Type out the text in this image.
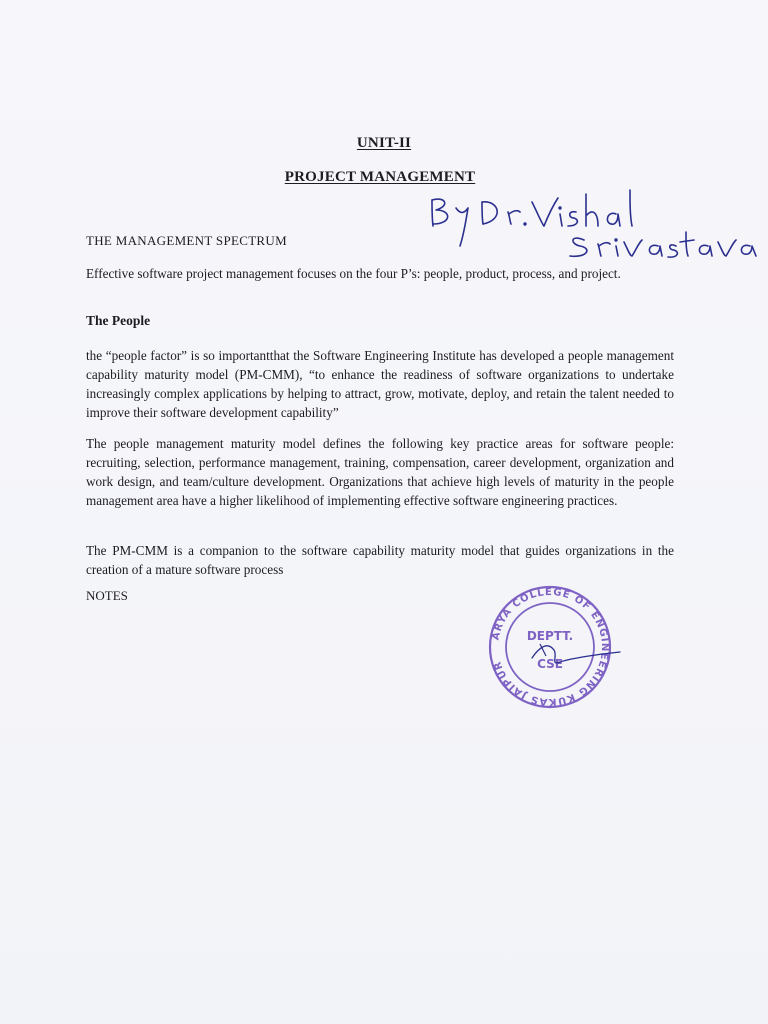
UNIT-II
PROJECT MANAGEMENT
THE MANAGEMENT SPECTRUM
Effective software project management focuses on the four P’s: people, product, process, and project.
The People
the “people factor” is so importantthat the Software Engineering Institute has developed a people management capability maturity model (PM-CMM), “to enhance the readiness of software organizations to undertake increasingly complex applications by helping to attract, grow, motivate, deploy, and retain the talent needed to improve their software development capability”
The people management maturity model defines the following key practice areas for software people: recruiting, selection, performance management, training, compensation, career development, organization and work design, and team/culture development. Organizations that achieve high levels of maturity in the people management area have a higher likelihood of implementing effective software engineering practices.
The PM-CMM is a companion to the software capability maturity model that guides organizations in the creation of a mature software process
NOTES
ARYA COLLEGE OF ENGINEERING KUKAS JAIPUR
DEPTT.
CSE
